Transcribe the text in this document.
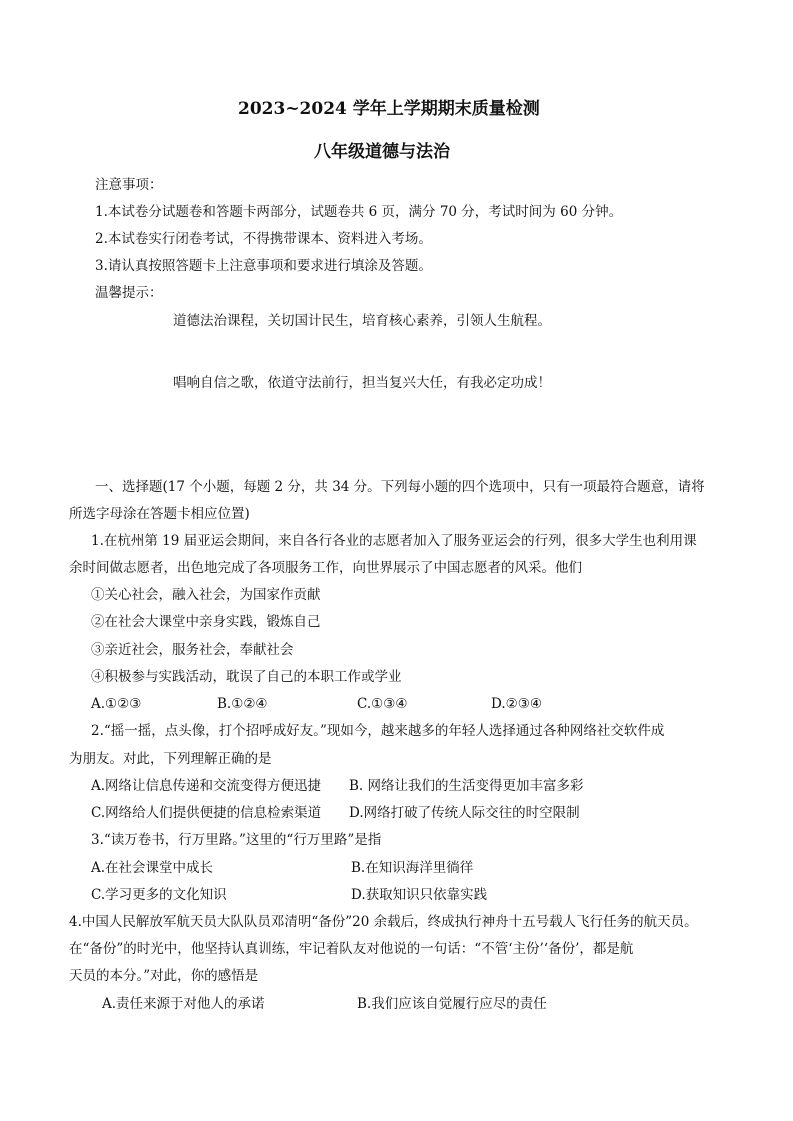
2023~2024 学年上学期期末质量检测
八年级道德与法治
注意事项：
1.本试卷分试题卷和答题卡两部分，试题卷共 6 页，满分 70 分，考试时间为 60 分钟。
2.本试卷实行闭卷考试，不得携带课本、资料进入考场。
3.请认真按照答题卡上注意事项和要求进行填涂及答题。
温馨提示：
道德法治课程，关切国计民生，培育核心素养，引领人生航程。
唱响自信之歌，依道守法前行，担当复兴大任，有我必定功成！
一、选择题(17 个小题，每题 2 分，共 34 分。下列每小题的四个选项中，只有一项最符合题意，请将
所选字母涂在答题卡相应位置)
1.在杭州第 19 届亚运会期间，来自各行各业的志愿者加入了服务亚运会的行列，很多大学生也利用课
余时间做志愿者，出色地完成了各项服务工作，向世界展示了中国志愿者的风采。他们
①关心社会，融入社会，为国家作贡献
②在社会大课堂中亲身实践，锻炼自己
③亲近社会，服务社会，奉献社会
④积极参与实践活动，耽误了自己的本职工作或学业
A.①②③	B.①②④	C.①③④	D.②③④
2.“摇一摇，点头像，打个招呼成好友。”现如今，越来越多的年轻人选择通过各种网络社交软件成
为朋友。对此，下列理解正确的是
A.网络让信息传递和交流变得方便迅捷 B. 网络让我们的生活变得更加丰富多彩
C.网络给人们提供便捷的信息检索渠道 D.网络打破了传统人际交往的时空限制
3.“读万卷书，行万里路。”这里的“行万里路”是指
A.在社会课堂中成长	B.在知识海洋里徜徉
C.学习更多的文化知识	D.获取知识只依靠实践
4.中国人民解放军航天员大队队员邓清明“备份”20 余载后，终成执行神舟十五号载人飞行任务的航天员。
在“备份”的时光中，他坚持认真训练，牢记着队友对他说的一句话：“不管‘主份’‘备份’，都是航
天员的本分。”对此，你的感悟是
A.责任来源于对他人的承诺	B.我们应该自觉履行应尽的责任
